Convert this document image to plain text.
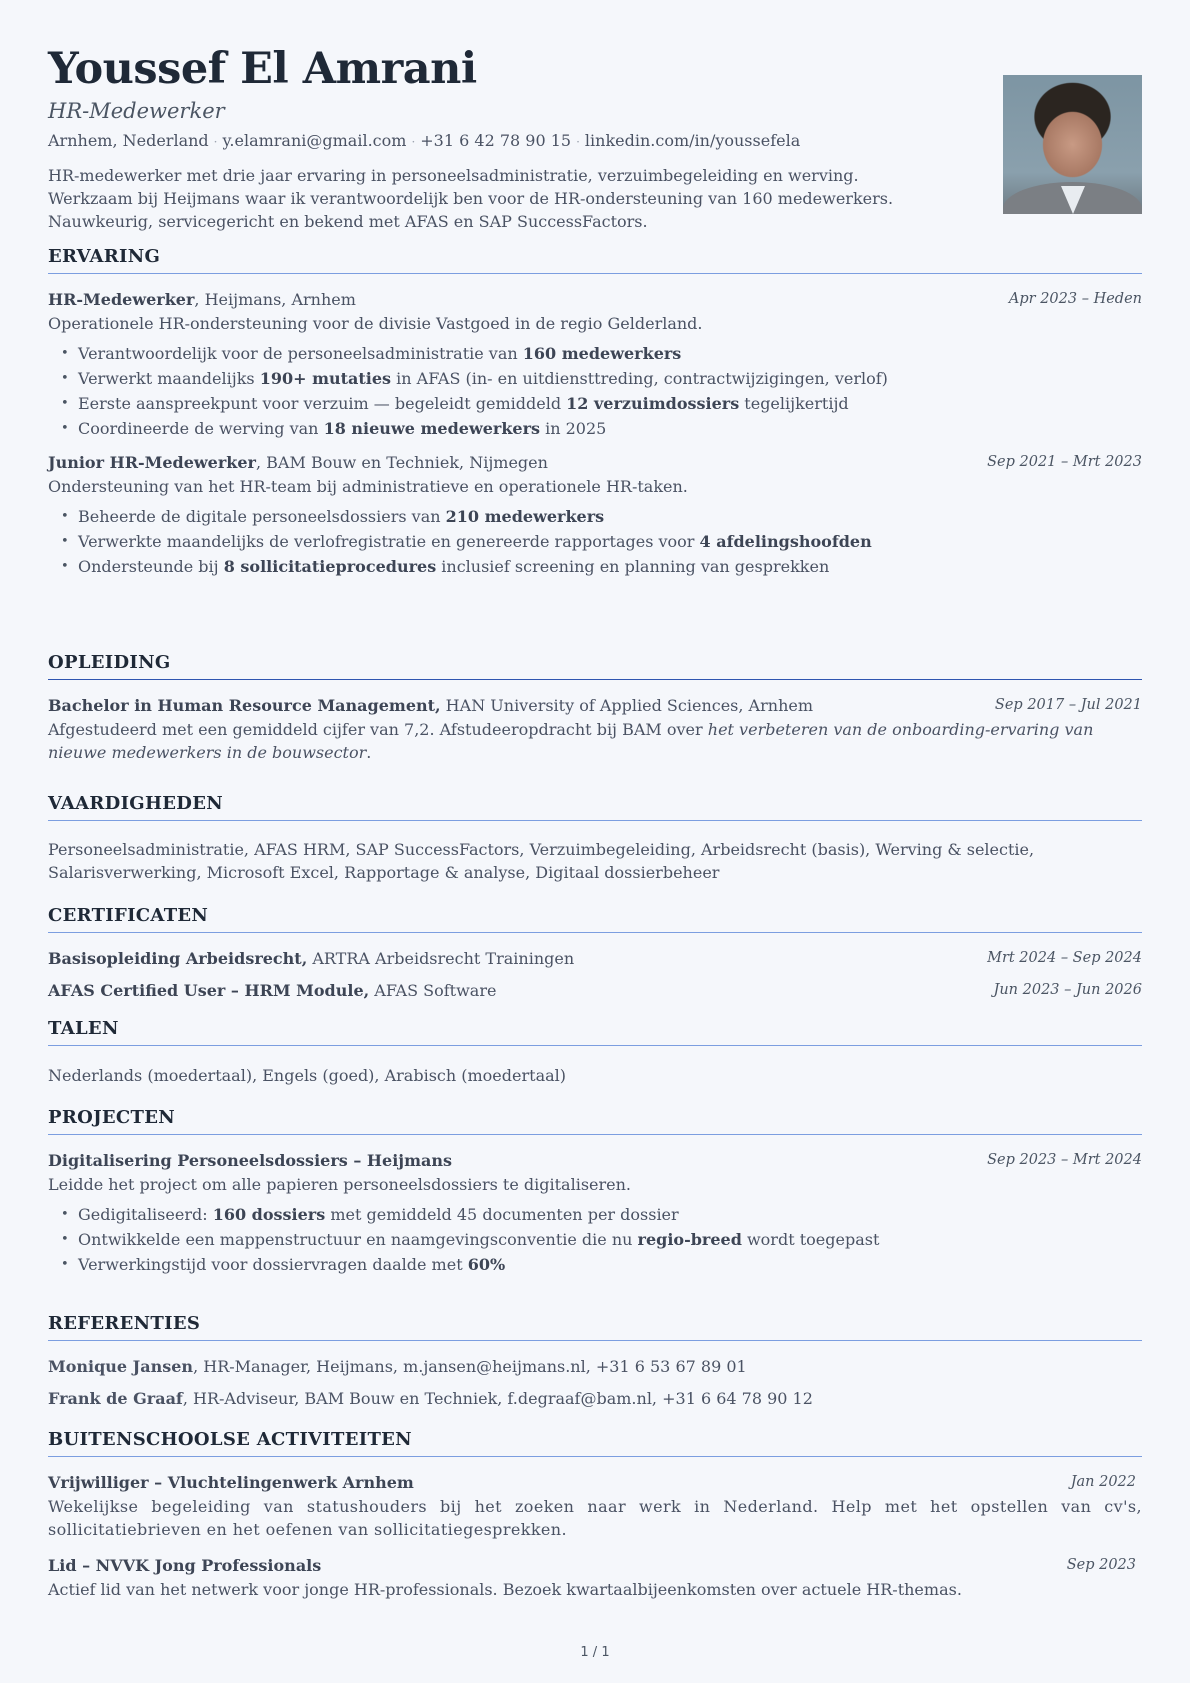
Youssef El Amrani
HR-Medewerker
Arnhem, Nederland · y.elamrani@gmail.com · +31 6 42 78 90 15 · linkedin.com/in/youssefela
HR-medewerker met drie jaar ervaring in personeelsadministratie, verzuimbegeleiding en werving. Werkzaam bij Heijmans waar ik verantwoordelijk ben voor de HR-ondersteuning van 160 medewerkers. Nauwkeurig, servicegericht en bekend met AFAS en SAP SuccessFactors.
ERVARING
HR-Medewerker, Heijmans, Arnhem	Apr 2023 – Heden
Operationele HR-ondersteuning voor de divisie Vastgoed in de regio Gelderland.
• Verantwoordelijk voor de personeelsadministratie van 160 medewerkers
• Verwerkt maandelijks 190+ mutaties in AFAS (in- en uitdiensttreding, contractwijzigingen, verlof)
• Eerste aanspreekpunt voor verzuim — begeleidt gemiddeld 12 verzuimdossiers tegelijkertijd
• Coordineerde de werving van 18 nieuwe medewerkers in 2025
Junior HR-Medewerker, BAM Bouw en Techniek, Nijmegen	Sep 2021 – Mrt 2023
Ondersteuning van het HR-team bij administratieve en operationele HR-taken.
• Beheerde de digitale personeelsdossiers van 210 medewerkers
• Verwerkte maandelijks de verlofregistratie en genereerde rapportages voor 4 afdelingshoofden
• Ondersteunde bij 8 sollicitatieprocedures inclusief screening en planning van gesprekken
OPLEIDING
Bachelor in Human Resource Management, HAN University of Applied Sciences, Arnhem	Sep 2017 – Jul 2021
Afgestudeerd met een gemiddeld cijfer van 7,2. Afstudeeropdracht bij BAM over het verbeteren van de onboarding-ervaring van nieuwe medewerkers in de bouwsector.
VAARDIGHEDEN
Personeelsadministratie, AFAS HRM, SAP SuccessFactors, Verzuimbegeleiding, Arbeidsrecht (basis), Werving & selectie, Salarisverwerking, Microsoft Excel, Rapportage & analyse, Digitaal dossierbeheer
CERTIFICATEN
Basisopleiding Arbeidsrecht, ARTRA Arbeidsrecht Trainingen	Mrt 2024 – Sep 2024
AFAS Certified User – HRM Module, AFAS Software	Jun 2023 – Jun 2026
TALEN
Nederlands (moedertaal), Engels (goed), Arabisch (moedertaal)
PROJECTEN
Digitalisering Personeelsdossiers – Heijmans	Sep 2023 – Mrt 2024
Leidde het project om alle papieren personeelsdossiers te digitaliseren.
• Gedigitaliseerd: 160 dossiers met gemiddeld 45 documenten per dossier
• Ontwikkelde een mappenstructuur en naamgevingsconventie die nu regio-breed wordt toegepast
• Verwerkingstijd voor dossiervragen daalde met 60%
REFERENTIES
Monique Jansen, HR-Manager, Heijmans, m.jansen@heijmans.nl, +31 6 53 67 89 01
Frank de Graaf, HR-Adviseur, BAM Bouw en Techniek, f.degraaf@bam.nl, +31 6 64 78 90 12
BUITENSCHOOLSE ACTIVITEITEN
Vrijwilliger – Vluchtelingenwerk Arnhem	Jan 2022
Wekelijkse begeleiding van statushouders bij het zoeken naar werk in Nederland. Help met het opstellen van cv's, sollicitatiebrieven en het oefenen van sollicitatiegesprekken.
Lid – NVVK Jong Professionals	Sep 2023
Actief lid van het netwerk voor jonge HR-professionals. Bezoek kwartaalbijeenkomsten over actuele HR-themas.
1 / 1
